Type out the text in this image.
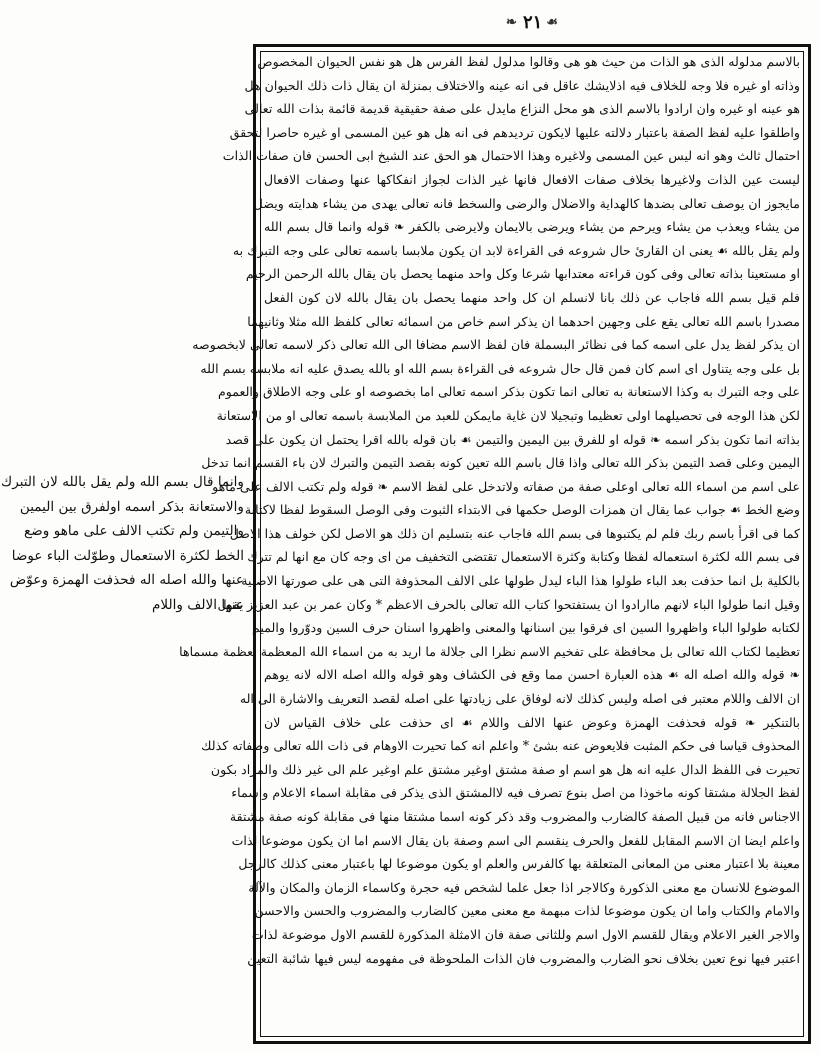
❧ ٢١ ☙
وانما قال بسم الله ولم يقل بالله لان التبرك
والاستعانة بذكر اسمه اولفرق بين اليمين
والتيمن ولم تكتب الالف على ماهو وضع
الخط لكثرة الاستعمال وطوّلت الباء عوضا
عنها والله اصله اله فحذفت الهمزة وعوّض
عنها الالف واللام
بالاسم مدلوله الذى هو الذات من حيث هو هى وقالوا مدلول لفظ الفرس هل هو نفس الحيوان المخصوص
وذاته او غيره فلا وجه للخلاف فيه اذلايشك عاقل فى انه عينه والاختلاف بمنزلة ان يقال ذات ذلك الحيوان هل
هو عينه او غيره وان ارادوا بالاسم الذى هو محل النزاع مايدل على صفة حقيقية قديمة قائمة بذات الله تعالى
واطلقوا عليه لفظ الصفة باعتبار دلالته عليها لايكون ترديدهم فى انه هل هو عين المسمى او غيره حاصرا لتحقق
احتمال ثالث وهو انه ليس عين المسمى ولاغيره وهذا الاحتمال هو الحق عند الشيخ ابى الحسن فان صفات الذات
ليست عين الذات ولاغيرها بخلاف صفات الافعال فانها غير الذات لجواز انفكاكها عنها وصفات الافعال
مايجوز ان يوصف تعالى بضدها كالهداية والاضلال والرضى والسخط فانه تعالى يهدى من يشاء هدايته ويضل
من يشاء ويعذب من يشاء ويرحم من يشاء ويرضى بالايمان ولايرضى بالكفر ❧ قوله وانما قال بسم الله
ولم يقل بالله ☙ يعنى ان القارئ حال شروعه فى القراءة لابد ان يكون ملابسا باسمه تعالى على وجه التبرك به
او مستعينا بذاته تعالى وفى كون قراءته معتدابها شرعا وكل واحد منهما يحصل بان يقال بالله الرحمن الرحيم
فلم قيل بسم الله فاجاب عن ذلك بانا لانسلم ان كل واحد منهما يحصل بان يقال بالله لان كون الفعل
مصدرا باسم الله تعالى يقع على وجهين احدهما ان يذكر اسم خاص من اسمائه تعالى كلفظ الله مثلا وثانيهما
ان يذكر لفظ يدل على اسمه كما فى نظائر البسملة فان لفظ الاسم مضافا الى الله تعالى ذكر لاسمه تعالى لابخصوصه
بل على وجه يتناول اى اسم كان فمن قال حال شروعه فى القراءة بسم الله او بالله يصدق عليه انه ملابسه بسم الله
على وجه التبرك به وكذا الاستعانة به تعالى انما تكون بذكر اسمه تعالى اما بخصوصه او على وجه الاطلاق والعموم
لكن هذا الوجه فى تحصيلهما اولى تعظيما وتبجيلا لان غاية مايمكن للعبد من الملابسة باسمه تعالى او من الاستعانة
بذاته انما تكون بذكر اسمه ❧ قوله او للفرق بين اليمين والتيمن ☙ بان قوله بالله اقرا يحتمل ان يكون على قصد
اليمين وعلى قصد التيمن بذكر الله تعالى واذا قال باسم الله تعين كونه بقصد التيمن والتبرك لان باء القسم انما تدخل
على اسم من اسماء الله تعالى اوعلى صفة من صفاته ولاتدخل على لفظ الاسم ❧ قوله ولم تكتب الالف على ماهو
وضع الخط ☙ جواب عما يقال ان همزات الوصل حكمها فى الابتداء الثبوت وفى الوصل السقوط لفظا لاكتابة
كما فى اقرأ باسم ربك فلم لم يكتبوها فى بسم الله فاجاب عنه بتسليم ان ذلك هو الاصل لكن خولف هذا الاصل
فى بسم الله لكثرة استعماله لفظا وكتابة وكثرة الاستعمال تقتضى التخفيف من اى وجه كان مع انها لم تترك
بالكلية بل انما حذفت بعد الباء طولوا هذا الباء ليدل طولها على الالف المحذوفة التى هى على صورتها الاصلية
وقيل انما طولوا الباء لانهم ماارادوا ان يستفتحوا كتاب الله تعالى بالحرف الاعظم * وكان عمر بن عبد العزيز يقول
لكتابه طولوا الباء واظهروا السين اى فرقوا بين اسنانها والمعنى واظهروا اسنان حرف السين ودوّروا والميم
تعظيما لكتاب الله تعالى بل محافظة على تفخيم الاسم نظرا الى جلالة ما اريد به من اسماء الله المعظمة بعظمة مسماها
❧ قوله والله اصله اله ☙ هذه العبارة احسن مما وقع فى الكشاف وهو قوله والله اصله الاله لانه يوهم
ان الالف واللام معتبر فى اصله وليس كذلك لانه لوفاق على زيادتها على اصله لقصد التعريف والاشارة الى اله
بالتنكير ❧ قوله فحذفت الهمزة وعوض عنها الالف واللام ☙ اى حذفت على خلاف القياس لان
المحذوف قياسا فى حكم المثبت فلايعوض عنه بشئ * واعلم انه كما تحيرت الاوهام فى ذات الله تعالى وصفاته كذلك
تحيرت فى اللفظ الدال عليه انه هل هو اسم او صفة مشتق اوغير مشتق علم اوغير علم الى غير ذلك والمراد بكون
لفظ الجلالة مشتقا كونه ماخوذا من اصل بنوع تصرف فيه لاالمشتق الذى يذكر فى مقابلة اسماء الاعلام واسماء
الاجناس فانه من قبيل الصفة كالضارب والمضروب وقد ذكر كونه اسما مشتقا منها فى مقابلة كونه صفة مشتقة
واعلم ايضا ان الاسم المقابل للفعل والحرف ينقسم الى اسم وصفة بان يقال الاسم اما ان يكون موضوعا لذات
معينة بلا اعتبار معنى من المعانى المتعلقة بها كالفرس والعلم او يكون موضوعا لها باعتبار معنى كذلك كالرجل
الموضوع للانسان مع معنى الذكورة وكالاجر اذا جعل علما لشخص فيه حجرة وكاسماء الزمان والمكان والآلة
والامام والكتاب واما ان يكون موضوعا لذات مبهمة مع معنى معين كالضارب والمضروب والحسن والاحسن
والاجر الغير الاعلام ويقال للقسم الاول اسم وللثانى صفة فان الامثلة المذكورة للقسم الاول موضوعة لذات
اعتبر فيها نوع تعين بخلاف نحو الضارب والمضروب فان الذات الملحوظة فى مفهومه ليس فيها شائبة التعين
